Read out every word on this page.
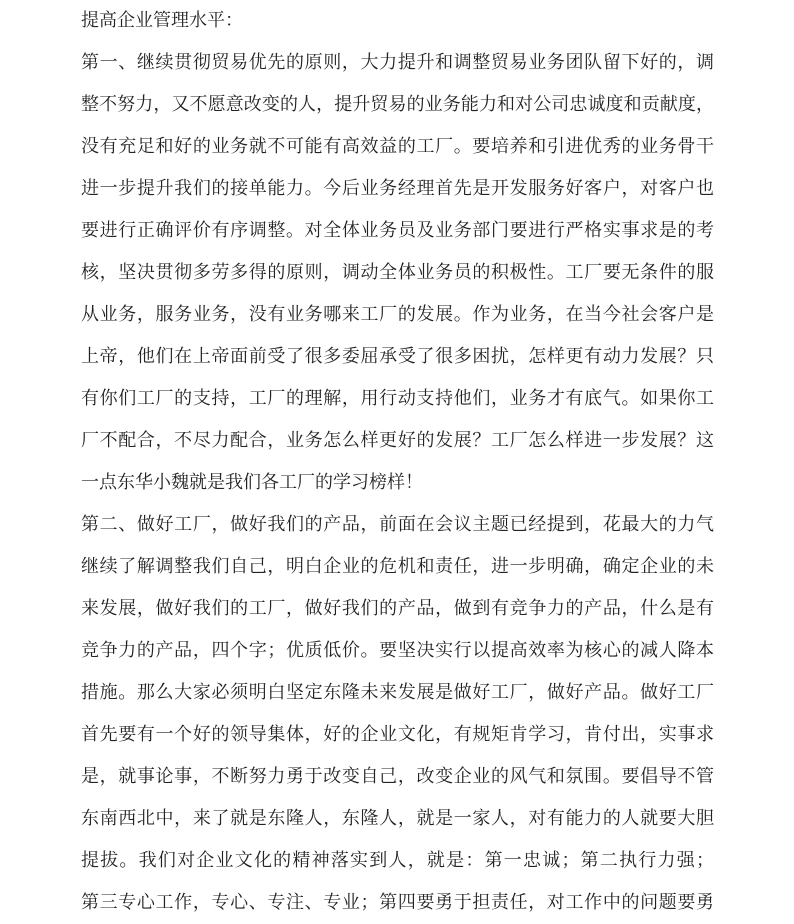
提高企业管理水平：
第一、继续贯彻贸易优先的原则，大力提升和调整贸易业务团队留下好的，调
整不努力，又不愿意改变的人，提升贸易的业务能力和对公司忠诚度和贡献度，
没有充足和好的业务就不可能有高效益的工厂。要培养和引进优秀的业务骨干
进一步提升我们的接单能力。今后业务经理首先是开发服务好客户，对客户也
要进行正确评价有序调整。对全体业务员及业务部门要进行严格实事求是的考
核，坚决贯彻多劳多得的原则，调动全体业务员的积极性。工厂要无条件的服
从业务，服务业务，没有业务哪来工厂的发展。作为业务，在当今社会客户是
上帝，他们在上帝面前受了很多委屈承受了很多困扰，怎样更有动力发展？只
有你们工厂的支持，工厂的理解，用行动支持他们，业务才有底气。如果你工
厂不配合，不尽力配合，业务怎么样更好的发展？工厂怎么样进一步发展？这
一点东华小魏就是我们各工厂的学习榜样！
第二、做好工厂，做好我们的产品，前面在会议主题已经提到，花最大的力气
继续了解调整我们自己，明白企业的危机和责任，进一步明确，确定企业的未
来发展，做好我们的工厂，做好我们的产品，做到有竞争力的产品，什么是有
竞争力的产品，四个字；优质低价。要坚决实行以提高效率为核心的减人降本
措施。那么大家必须明白坚定东隆未来发展是做好工厂，做好产品。做好工厂
首先要有一个好的领导集体，好的企业文化，有规矩肯学习，肯付出，实事求
是，就事论事，不断努力勇于改变自己，改变企业的风气和氛围。要倡导不管
东南西北中，来了就是东隆人，东隆人，就是一家人，对有能力的人就要大胆
提拔。我们对企业文化的精神落实到人，就是：第一忠诚；第二执行力强；
第三专心工作，专心、专注、专业；第四要勇于担责任，对工作中的问题要勇
